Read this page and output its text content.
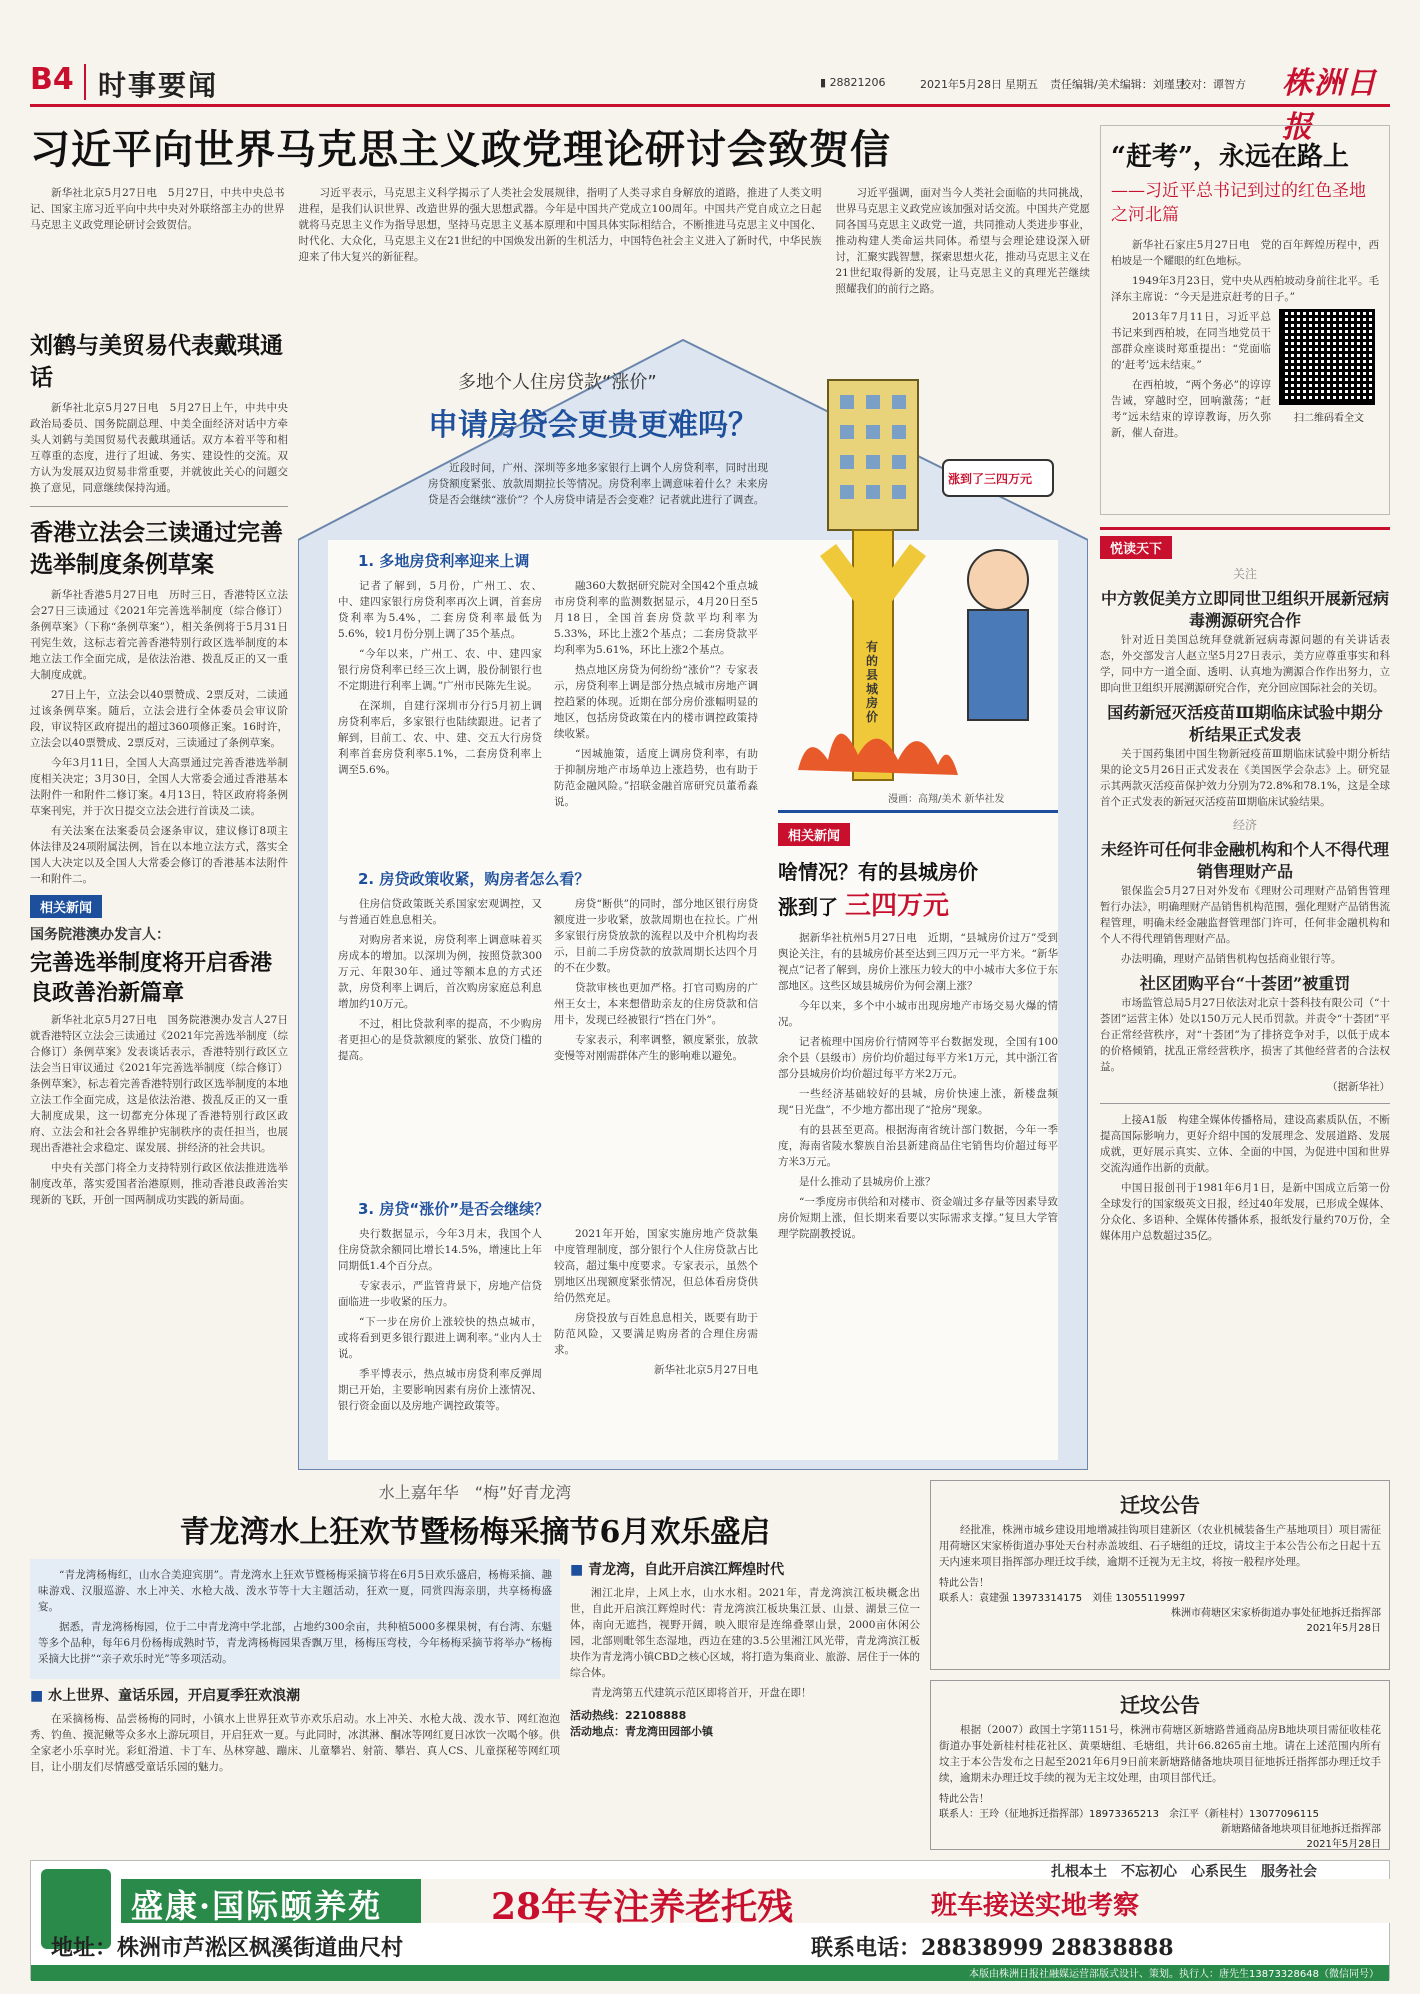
B4 时事要闻	▮ 28821206	2021年5月28日 星期五 责任编辑/美术编辑：刘瑾昱
校对：谭智方 株洲日报
习近平向世界马克思主义政党理论研讨会致贺信

新华社北京5月27日电　5月27日，中共中央总书记、国家主席习近平向中共中央对外联络部主办的世界马克思主义政党理论研讨会致贺信。

习近平表示，马克思主义科学揭示了人类社会发展规律，指明了人类寻求自身解放的道路，推进了人类文明进程，是我们认识世界、改造世界的强大思想武器。今年是中国共产党成立100周年。中国共产党自成立之日起就将马克思主义作为指导思想，坚持马克思主义基本原理和中国具体实际相结合，不断推进马克思主义中国化、时代化、大众化，马克思主义在21世纪的中国焕发出新的生机活力，中国特色社会主义进入了新时代，中华民族迎来了伟大复兴的新征程。

习近平强调，面对当今人类社会面临的共同挑战，世界马克思主义政党应该加强对话交流。中国共产党愿同各国马克思主义政党一道，共同推动人类进步事业，推动构建人类命运共同体。希望与会理论建设深入研讨，汇聚实践智慧，探索思想火花，推动马克思主义在21世纪取得新的发展，让马克思主义的真理光芒继续照耀我们的前行之路。

刘鹤与美贸易代表戴琪通话

新华社北京5月27日电　5月27日上午，中共中央政治局委员、国务院副总理、中美全面经济对话中方牵头人刘鹤与美国贸易代表戴琪通话。双方本着平等和相互尊重的态度，进行了坦诚、务实、建设性的交流。双方认为发展双边贸易非常重要，并就彼此关心的问题交换了意见，同意继续保持沟通。

香港立法会三读通过完善选举制度条例草案

新华社香港5月27日电　历时三日，香港特区立法会27日三读通过《2021年完善选举制度（综合修订）条例草案》（下称“条例草案”），相关条例将于5月31日刊宪生效，这标志着完善香港特别行政区选举制度的本地立法工作全面完成，是依法治港、拨乱反正的又一重大制度成就。

27日上午，立法会以40票赞成、2票反对，二读通过该条例草案。随后，立法会进行全体委员会审议阶段，审议特区政府提出的超过360项修正案。16时许，立法会以40票赞成、2票反对，三读通过了条例草案。

今年3月11日，全国人大高票通过完善香港选举制度相关决定；3月30日，全国人大常委会通过香港基本法附件一和附件二修订案。4月13日，特区政府将条例草案刊宪，并于次日提交立法会进行首读及二读。

有关法案在法案委员会逐条审议，建议修订8项主体法律及24项附属法例，旨在以本地立法方式，落实全国人大决定以及全国人大常委会修订的香港基本法附件一和附件二。

相关新闻
国务院港澳办发言人：
完善选举制度将开启香港良政善治新篇章

新华社北京5月27日电　国务院港澳办发言人27日就香港特区立法会三读通过《2021年完善选举制度（综合修订）条例草案》发表谈话表示，香港特别行政区立法会当日审议通过《2021年完善选举制度（综合修订）条例草案》，标志着完善香港特别行政区选举制度的本地立法工作全面完成，这是依法治港、拨乱反正的又一重大制度成果，这一切都充分体现了香港特别行政区政府、立法会和社会各界维护宪制秩序的责任担当，也展现出香港社会求稳定、谋发展、拼经济的社会共识。

中央有关部门将全力支持特别行政区依法推进选举制度改革，落实爱国者治港原则，推动香港良政善治实现新的飞跃，开创一国两制成功实践的新局面。

多地个人住房贷款“涨价”
申请房贷会更贵更难吗？

近段时间，广州、深圳等多地多家银行上调个人房贷利率，同时出现房贷额度紧张、放款周期拉长等情况。房贷利率上调意味着什么？未来房贷是否会继续“涨价”？个人房贷申请是否会变难？记者就此进行了调查。

涨到了三四万元
有的县城房价
漫画：高翔/美术 新华社发
1. 多地房贷利率迎来上调

记者了解到，5月份，广州工、农、中、建四家银行房贷利率再次上调，首套房贷利率为5.4%，二套房贷利率最低为5.6%，较1月份分别上调了35个基点。

“今年以来，广州工、农、中、建四家银行房贷利率已经三次上调，股份制银行也不定期进行利率上调。”广州市民陈先生说。

在深圳，自建行深圳市分行5月初上调房贷利率后，多家银行也陆续跟进。记者了解到，目前工、农、中、建、交五大行房贷利率首套房贷利率5.1%，二套房贷利率上调至5.6%。

融360大数据研究院对全国42个重点城市房贷利率的监测数据显示，4月20日至5月18日，全国首套房贷款平均利率为5.33%，环比上涨2个基点；二套房贷款平均利率为5.61%，环比上涨2个基点。

热点地区房贷为何纷纷“涨价”？专家表示，房贷利率上调是部分热点城市房地产调控趋紧的体现。近期在部分房价涨幅明显的地区，包括房贷政策在内的楼市调控政策持续收紧。

“因城施策，适度上调房贷利率，有助于抑制房地产市场单边上涨趋势，也有助于防范金融风险。”招联金融首席研究员董希淼说。

2. 房贷政策收紧，购房者怎么看？

住房信贷政策既关系国家宏观调控，又与普通百姓息息相关。

对购房者来说，房贷利率上调意味着买房成本的增加。以深圳为例，按照贷款300万元、年限30年、通过等额本息的方式还款，房贷利率上调后，首次购房家庭总利息增加约10万元。

不过，相比贷款利率的提高，不少购房者更担心的是贷款额度的紧张、放贷门槛的提高。

房贷“断供”的同时，部分地区银行房贷额度进一步收紧，放款周期也在拉长。广州多家银行房贷放款的流程以及中介机构均表示，目前二手房贷款的放款周期长达四个月的不在少数。

贷款审核也更加严格。打官司购房的广州王女士，本来想借助亲友的住房贷款和信用卡，发现已经被银行“挡在门外”。

专家表示，利率调整，额度紧张，放款变慢等对刚需群体产生的影响难以避免。

3. 房贷“涨价”是否会继续？

央行数据显示，今年3月末，我国个人住房贷款余额同比增长14.5%，增速比上年同期低1.4个百分点。

专家表示，严监管背景下，房地产信贷面临进一步收紧的压力。

“下一步在房价上涨较快的热点城市，或将看到更多银行跟进上调利率。”业内人士说。

季平博表示，热点城市房贷利率反弹周期已开始，主要影响因素有房价上涨情况、银行资金面以及房地产调控政策等。

2021年开始，国家实施房地产贷款集中度管理制度，部分银行个人住房贷款占比较高，超过集中度要求。专家表示，虽然个别地区出现额度紧张情况，但总体看房贷供给仍然充足。

房贷投放与百姓息息相关，既要有助于防范风险，又要满足购房者的合理住房需求。

新华社北京5月27日电

相关新闻
啥情况？有的县城房价
涨到了 三四万元

据新华社杭州5月27日电　近期，“县城房价过万”受到舆论关注，有的县城房价甚至达到三四万元一平方米。“新华视点”记者了解到，房价上涨压力较大的中小城市大多位于东部地区。这些区域县城房价为何会潮上涨？

今年以来，多个中小城市出现房地产市场交易火爆的情况。

记者梳理中国房价行情网等平台数据发现，全国有100余个县（县级市）房价均价超过每平方米1万元，其中浙江省部分县城房价均价超过每平方米2万元。

一些经济基础较好的县城，房价快速上涨，新楼盘频现“日光盘”，不少地方都出现了“抢房”现象。

有的县甚至更高。根据海南省统计部门数据，今年一季度，海南省陵水黎族自治县新建商品住宅销售均价超过每平方米3万元。

是什么推动了县城房价上涨？

“一季度房市供给和对楼市、资金端过多存量等因素导致房价短期上涨，但长期来看要以实际需求支撑。”复旦大学管理学院副教授说。

“赶考”，永远在路上
——习近平总书记到过的红色圣地之河北篇

新华社石家庄5月27日电　党的百年辉煌历程中，西柏坡是一个耀眼的红色地标。

1949年3月23日，党中央从西柏坡动身前往北平。毛泽东主席说：“今天是进京赶考的日子。”

2013年7月11日，习近平总书记来到西柏坡，在同当地党员干部群众座谈时郑重提出：“党面临的‘赶考’远未结束。”

在西柏坡，“两个务必”的谆谆告诫，穿越时空，回响激荡；“赶考”远未结束的谆谆教诲，历久弥新，催人奋进。

扫二维码看全文
悦读天下
关注
中方敦促美方立即同世卫组织开展新冠病毒溯源研究合作

针对近日美国总统拜登就新冠病毒源问题的有关讲话表态，外交部发言人赵立坚5月27日表示，美方应尊重事实和科学，同中方一道全面、透明、认真地为溯源合作作出努力，立即向世卫组织开展溯源研究合作，充分回应国际社会的关切。

国药新冠灭活疫苗Ⅲ期临床试验中期分析结果正式发表

关于国药集团中国生物新冠疫苗Ⅲ期临床试验中期分析结果的论文5月26日正式发表在《美国医学会杂志》上。研究显示其两款灭活疫苗保护效力分别为72.8%和78.1%，这是全球首个正式发表的新冠灭活疫苗Ⅲ期临床试验结果。

经济
未经许可任何非金融机构和个人不得代理销售理财产品

银保监会5月27日对外发布《理财公司理财产品销售管理暂行办法》，明确理财产品销售机构范围，强化理财产品销售流程管理，明确未经金融监督管理部门许可，任何非金融机构和个人不得代理销售理财产品。

办法明确，理财产品销售机构包括商业银行等。

社区团购平台“十荟团”被重罚

市场监管总局5月27日依法对北京十荟科技有限公司（“十荟团”运营主体）处以150万元人民币罚款。并责令“十荟团”平台正常经营秩序，对“十荟团”为了排挤竞争对手，以低于成本的价格倾销，扰乱正常经营秩序，损害了其他经营者的合法权益。

（据新华社）

上接A1版　构建全媒体传播格局，建设高素质队伍，不断提高国际影响力，更好介绍中国的发展理念、发展道路、发展成就，更好展示真实、立体、全面的中国，为促进中国和世界交流沟通作出新的贡献。

中国日报创刊于1981年6月1日，是新中国成立后第一份全球发行的国家级英文日报，经过40年发展，已形成全媒体、分众化、多语种、全媒体传播体系，报纸发行量约70万份，全媒体用户总数超过35亿。

水上嘉年华　“梅”好青龙湾
青龙湾水上狂欢节暨杨梅采摘节6月欢乐盛启

“青龙湾杨梅红，山水合美迎宾朋”。青龙湾水上狂欢节暨杨梅采摘节将在6月5日欢乐盛启，杨梅采摘、趣味游戏、汉服巡游、水上冲关、水枪大战、泼水节等十大主题活动，狂欢一夏，同赏四海亲朋，共享杨梅盛宴。

据悉，青龙湾杨梅园，位于二中青龙湾中学北部，占地约300余亩，共种植5000多棵果树，有台湾、东魁等多个品种，每年6月份杨梅成熟时节，青龙湾杨梅园果香飘万里，杨梅压弯枝，今年杨梅采摘节将举办“杨梅采摘大比拼”“亲子欢乐时光”等多项活动。

■ 水上世界、童话乐园，开启夏季狂欢浪潮

在采摘杨梅、品尝杨梅的同时，小镇水上世界狂欢节亦欢乐启动。水上冲关、水枪大战、泼水节、网红泡泡秀、钓鱼、摸泥鳅等众多水上游玩项目，开启狂欢一夏。与此同时，冰淇淋、酮冰等网红夏日冰饮一次喝个够。供全家老小乐享时光。彩虹滑道、卡丁车、丛林穿越、蹦床、儿童攀岩、射箭、攀岩、真人CS、儿童探秘等网红项目，让小朋友们尽情感受童话乐园的魅力。

■ 青龙湾，自此开启滨江辉煌时代

湘江北岸，上风上水，山水水相。2021年，青龙湾滨江板块概念出世，自此开启滨江辉煌时代：青龙湾滨江板块集江景、山景、湖景三位一体，南向无遮挡，视野开阔，映入眼帘是连绵叠翠山景，2000亩休闲公园，北部则毗邻生态湿地，西边在建的3.5公里湘江风光带，青龙湾滨江板块作为青龙湾小镇CBD之核心区域，将打造为集商业、旅游、居住于一体的综合体。

青龙湾第五代建筑示范区即将首开，开盘在即！

活动热线：22108888
活动地点：青龙湾田园部小镇
迁坟公告

经批准，株洲市城乡建设用地增减挂钩项目建新区（农业机械装备生产基地项目）项目需征用荷塘区宋家桥街道办事处天台村赤盖坡组、石子塘组的迁坟，请坟主于本公告公布之日起十五天内速来项目指挥部办理迁坟手续，逾期不迁视为无主坟，将按一般程序处理。

特此公告！
联系人：袁建强 13973314175　刘佳 13055119997
株洲市荷塘区宋家桥街道办事处征地拆迁指挥部
2021年5月28日
迁坟公告

根据（2007）政国土字第1151号，株洲市荷塘区新塘路普通商品房B地块项目需征收桂花街道办事处新桂村桂花社区、黄栗塘组、毛塘组，共计66.8265亩土地。请在上述范围内所有坟主于本公告发布之日起至2021年6月9日前来新塘路储备地块项目征地拆迁指挥部办理迁坟手续，逾期未办理迁坟手续的视为无主坟处理，由项目部代迁。

特此公告！
联系人：王玲（征地拆迁指挥部）18973365213　余江平（新桂村）13077096115
新塘路储备地块项目征地拆迁指挥部
2021年5月28日
盛康·国际颐养苑	28年专注养老托残	班车接送实地考察
扎根本土　不忘初心　心系民生　服务社会
地址：株洲市芦淞区枫溪街道曲尺村	联系电话：28838999 28838888
本版由株洲日报社融媒运营部版式设计、策划。执行人：唐先生13873328648（微信同号）
